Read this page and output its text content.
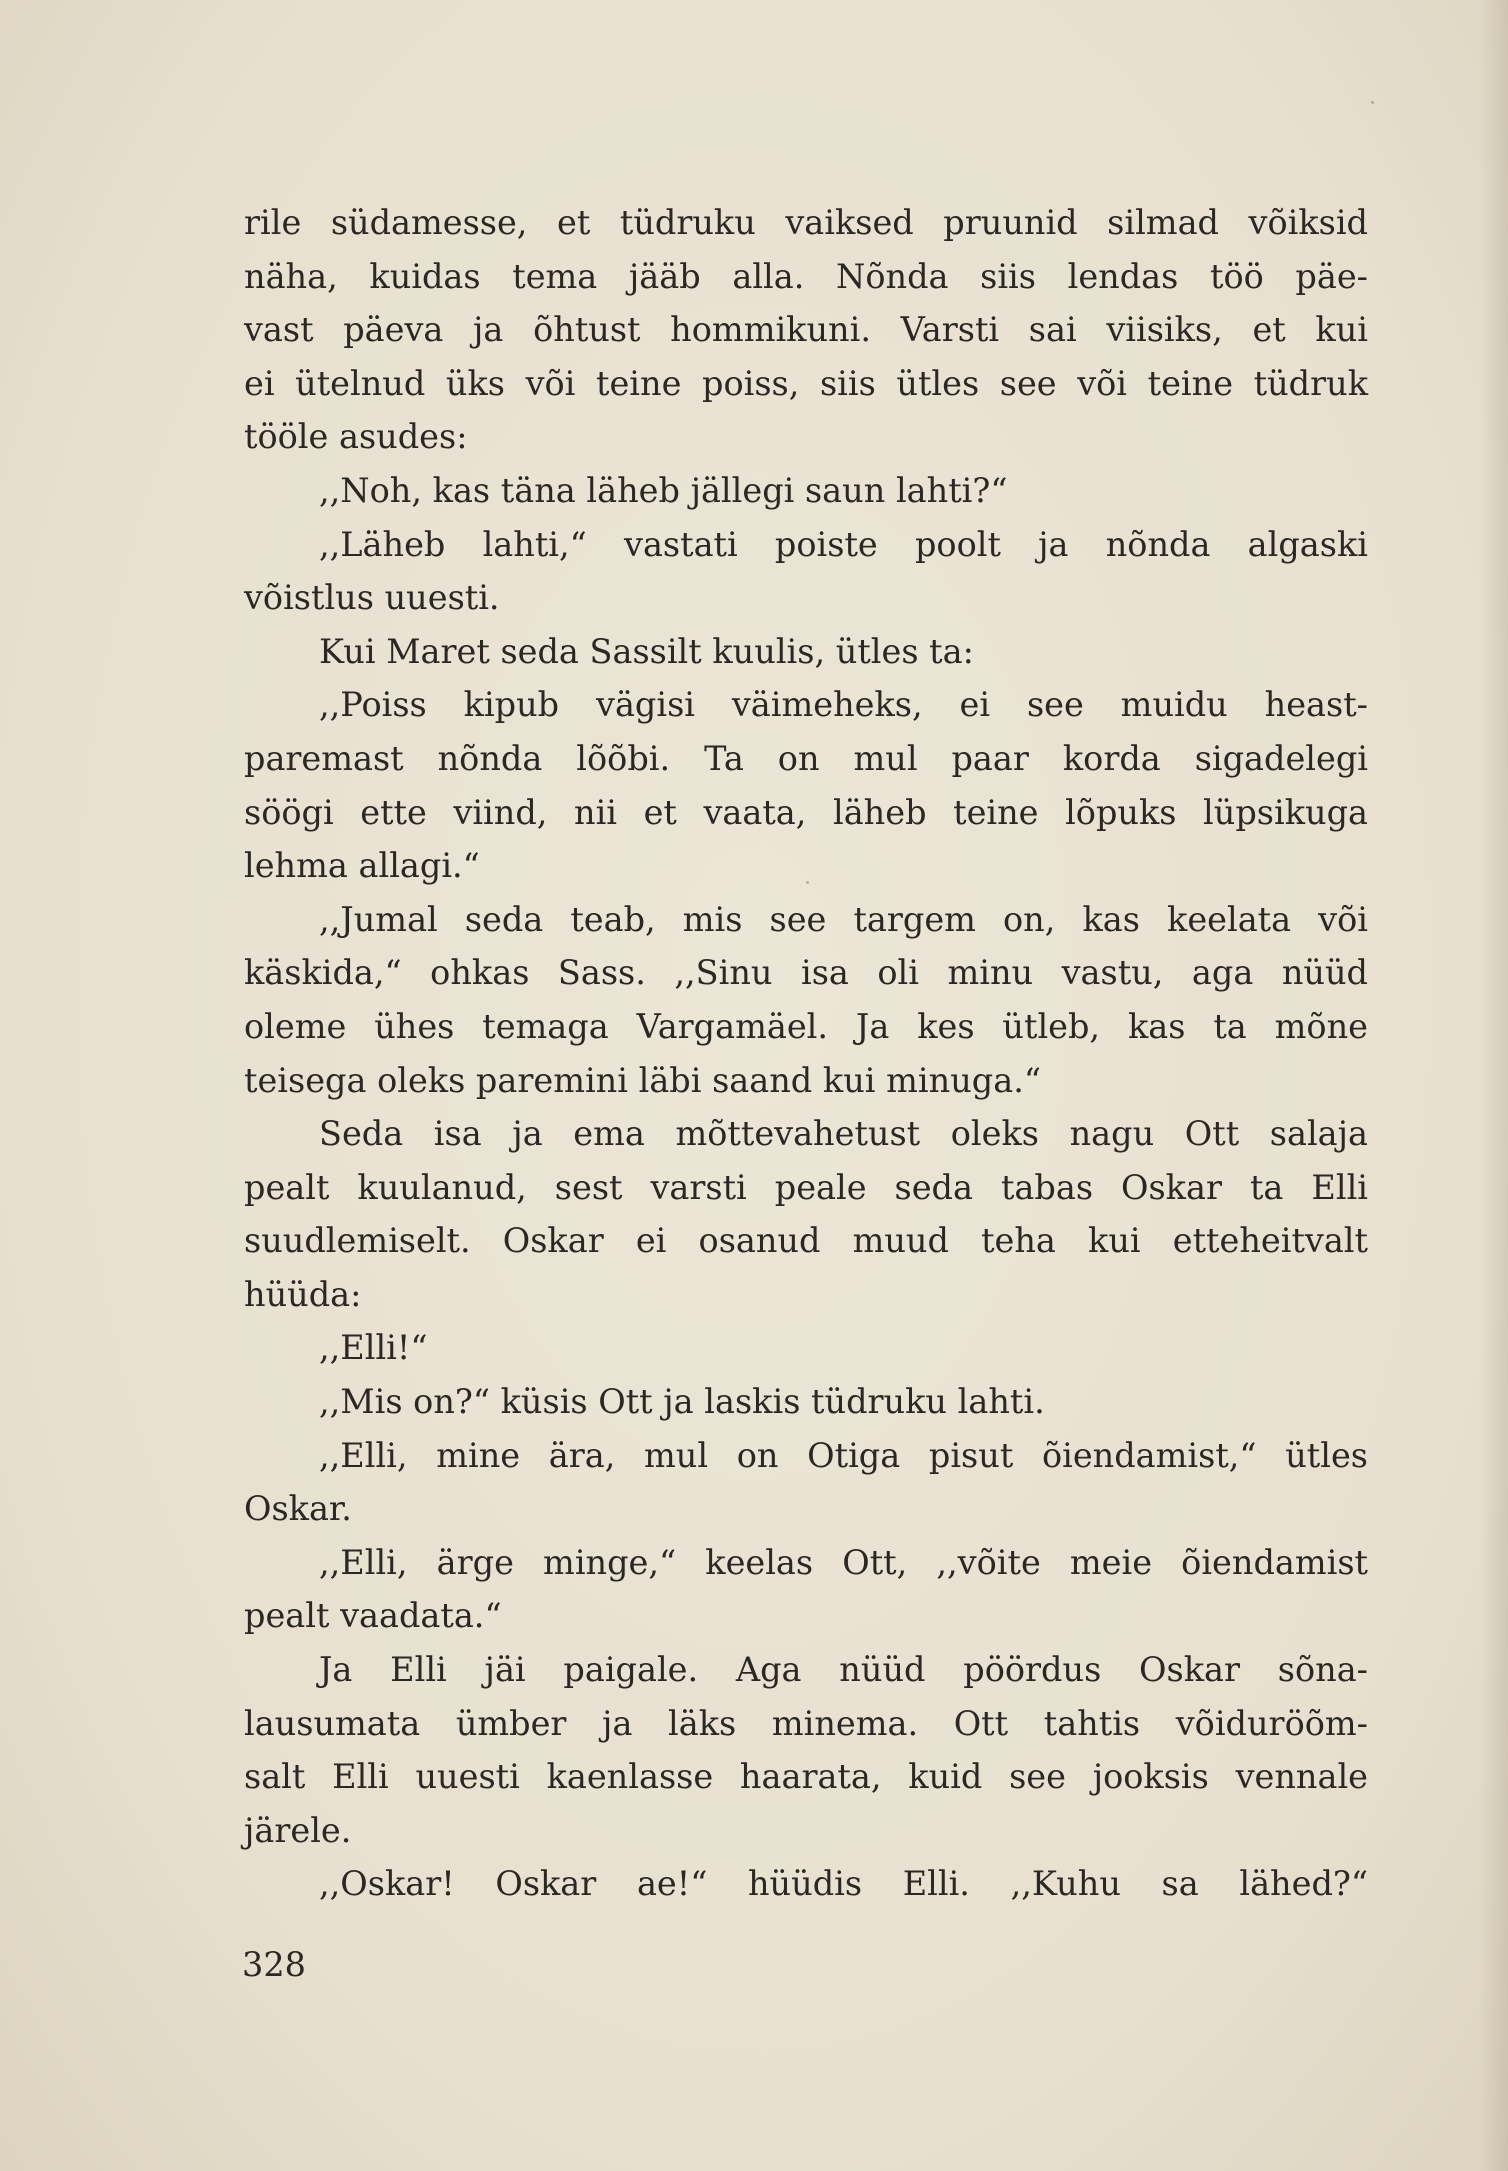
rile südamesse, et tüdruku vaiksed pruunid silmad võiksid
näha, kuidas tema jääb alla. Nõnda siis lendas töö päe-
vast päeva ja õhtust hommikuni. Varsti sai viisiks, et kui
ei ütelnud üks või teine poiss, siis ütles see või teine tüdruk
tööle asudes:
,,Noh, kas täna läheb jällegi saun lahti?“
,,Läheb lahti,“ vastati poiste poolt ja nõnda algaski
võistlus uuesti.
Kui Maret seda Sassilt kuulis, ütles ta:
,,Poiss kipub vägisi väimeheks, ei see muidu heast-
paremast nõnda lõõbi. Ta on mul paar korda sigadelegi
söögi ette viind, nii et vaata, läheb teine lõpuks lüpsikuga
lehma allagi.“
,,Jumal seda teab, mis see targem on, kas keelata või
käskida,“ ohkas Sass. ,,Sinu isa oli minu vastu, aga nüüd
oleme ühes temaga Vargamäel. Ja kes ütleb, kas ta mõne
teisega oleks paremini läbi saand kui minuga.“
Seda isa ja ema mõttevahetust oleks nagu Ott salaja
pealt kuulanud, sest varsti peale seda tabas Oskar ta Elli
suudlemiselt. Oskar ei osanud muud teha kui etteheitvalt
hüüda:
,,Elli!“
,,Mis on?“ küsis Ott ja laskis tüdruku lahti.
,,Elli, mine ära, mul on Otiga pisut õiendamist,“ ütles
Oskar.
,,Elli, ärge minge,“ keelas Ott, ,,võite meie õiendamist
pealt vaadata.“
Ja Elli jäi paigale. Aga nüüd pöördus Oskar sõna-
lausumata ümber ja läks minema. Ott tahtis võiduröõm-
salt Elli uuesti kaenlasse haarata, kuid see jooksis vennale
järele.
,,Oskar! Oskar ae!“ hüüdis Elli. ,,Kuhu sa lähed?“
328
